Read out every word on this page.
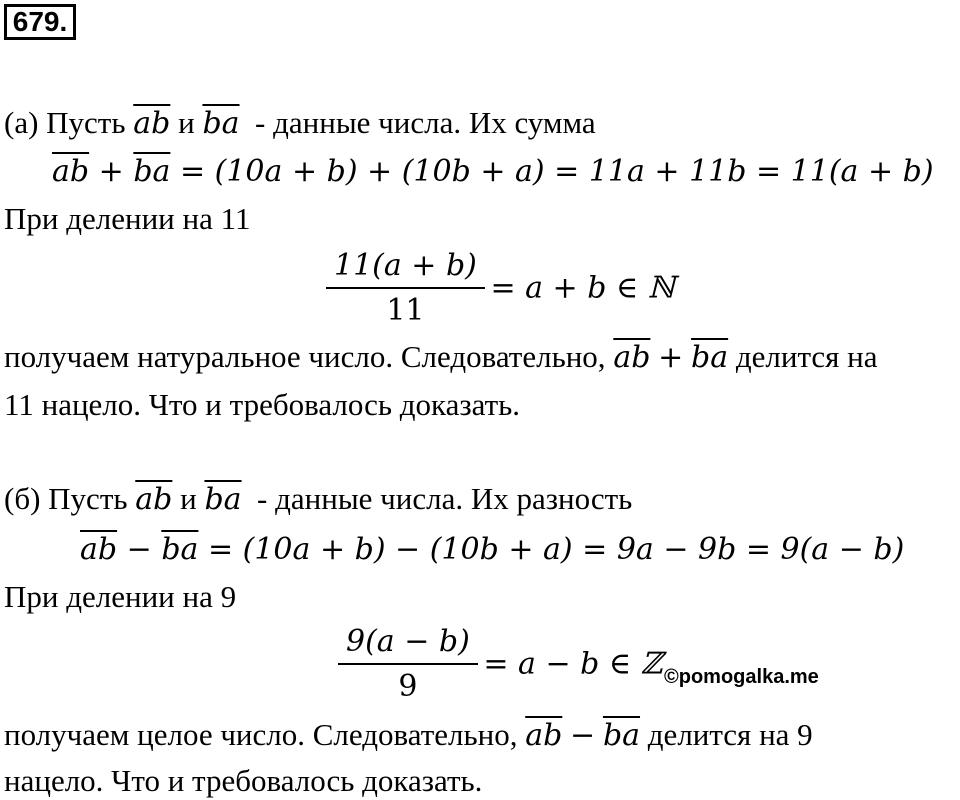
679.
(а) Пусть $\overline{ab}$ и $\overline{ba}$ - данные числа. Их сумма
$\overline{ab} + \overline{ba} = (10a + b) + (10b + a) = 11a + 11b = 11(a + b)$
При делении на 11
$\frac{11(a + b)}{11} = a + b$ ∈ ℕ
получаем натуральное число. Следовательно, $\overline{ab} + \overline{ba}$ делится на
11 нацело. Что и требовалось доказать.
(б) Пусть $\overline{ab}$ и $\overline{ba}$ - данные числа. Их разность
$\overline{ab} - \overline{ba} = (10a + b) - (10b + a) = 9a - 9b = 9(a - b)$
При делении на 9
$\frac{9(a - b)}{9} = a - b$ ∈ ℤ ©pomogalka.me
получаем целое число. Следовательно, $\overline{ab} - \overline{ba}$ делится на 9
нацело. Что и требовалось доказать.
